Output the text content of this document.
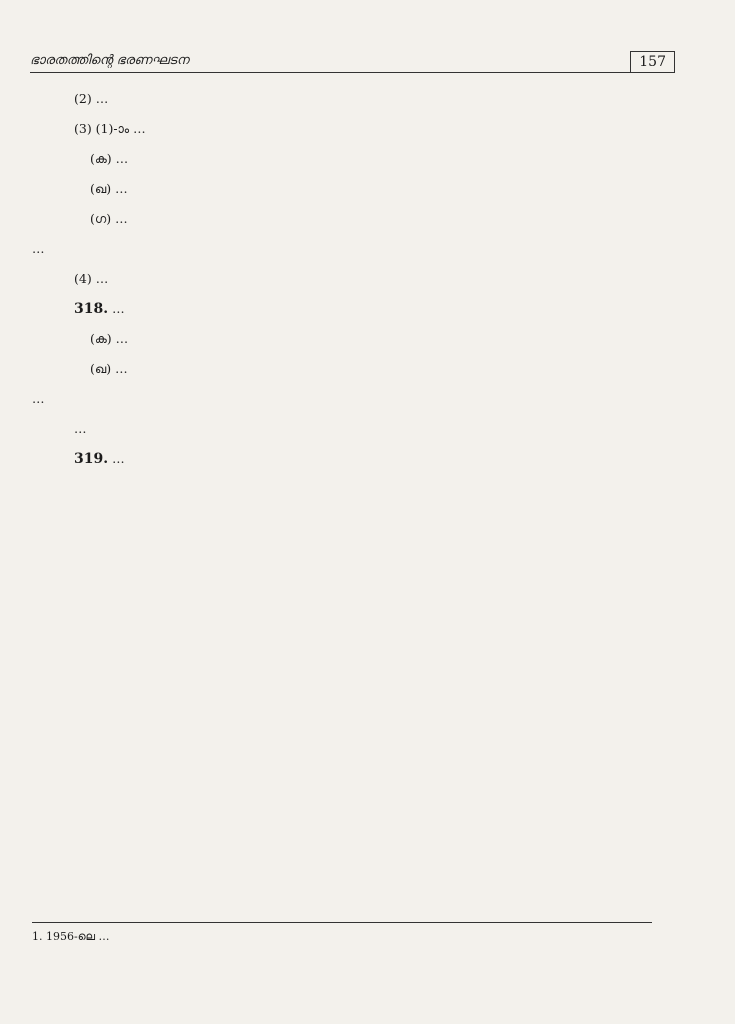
ഭാരതത്തിന്റെ ഭരണഘടന	157

(2) …

(3) (1)-ാം …

(ക) …

(ഖ) …

(ഗ) …

…

(4) …

318. …

(ക) …

(ഖ) …

…

…

319. …

1. 1956-ലെ …
